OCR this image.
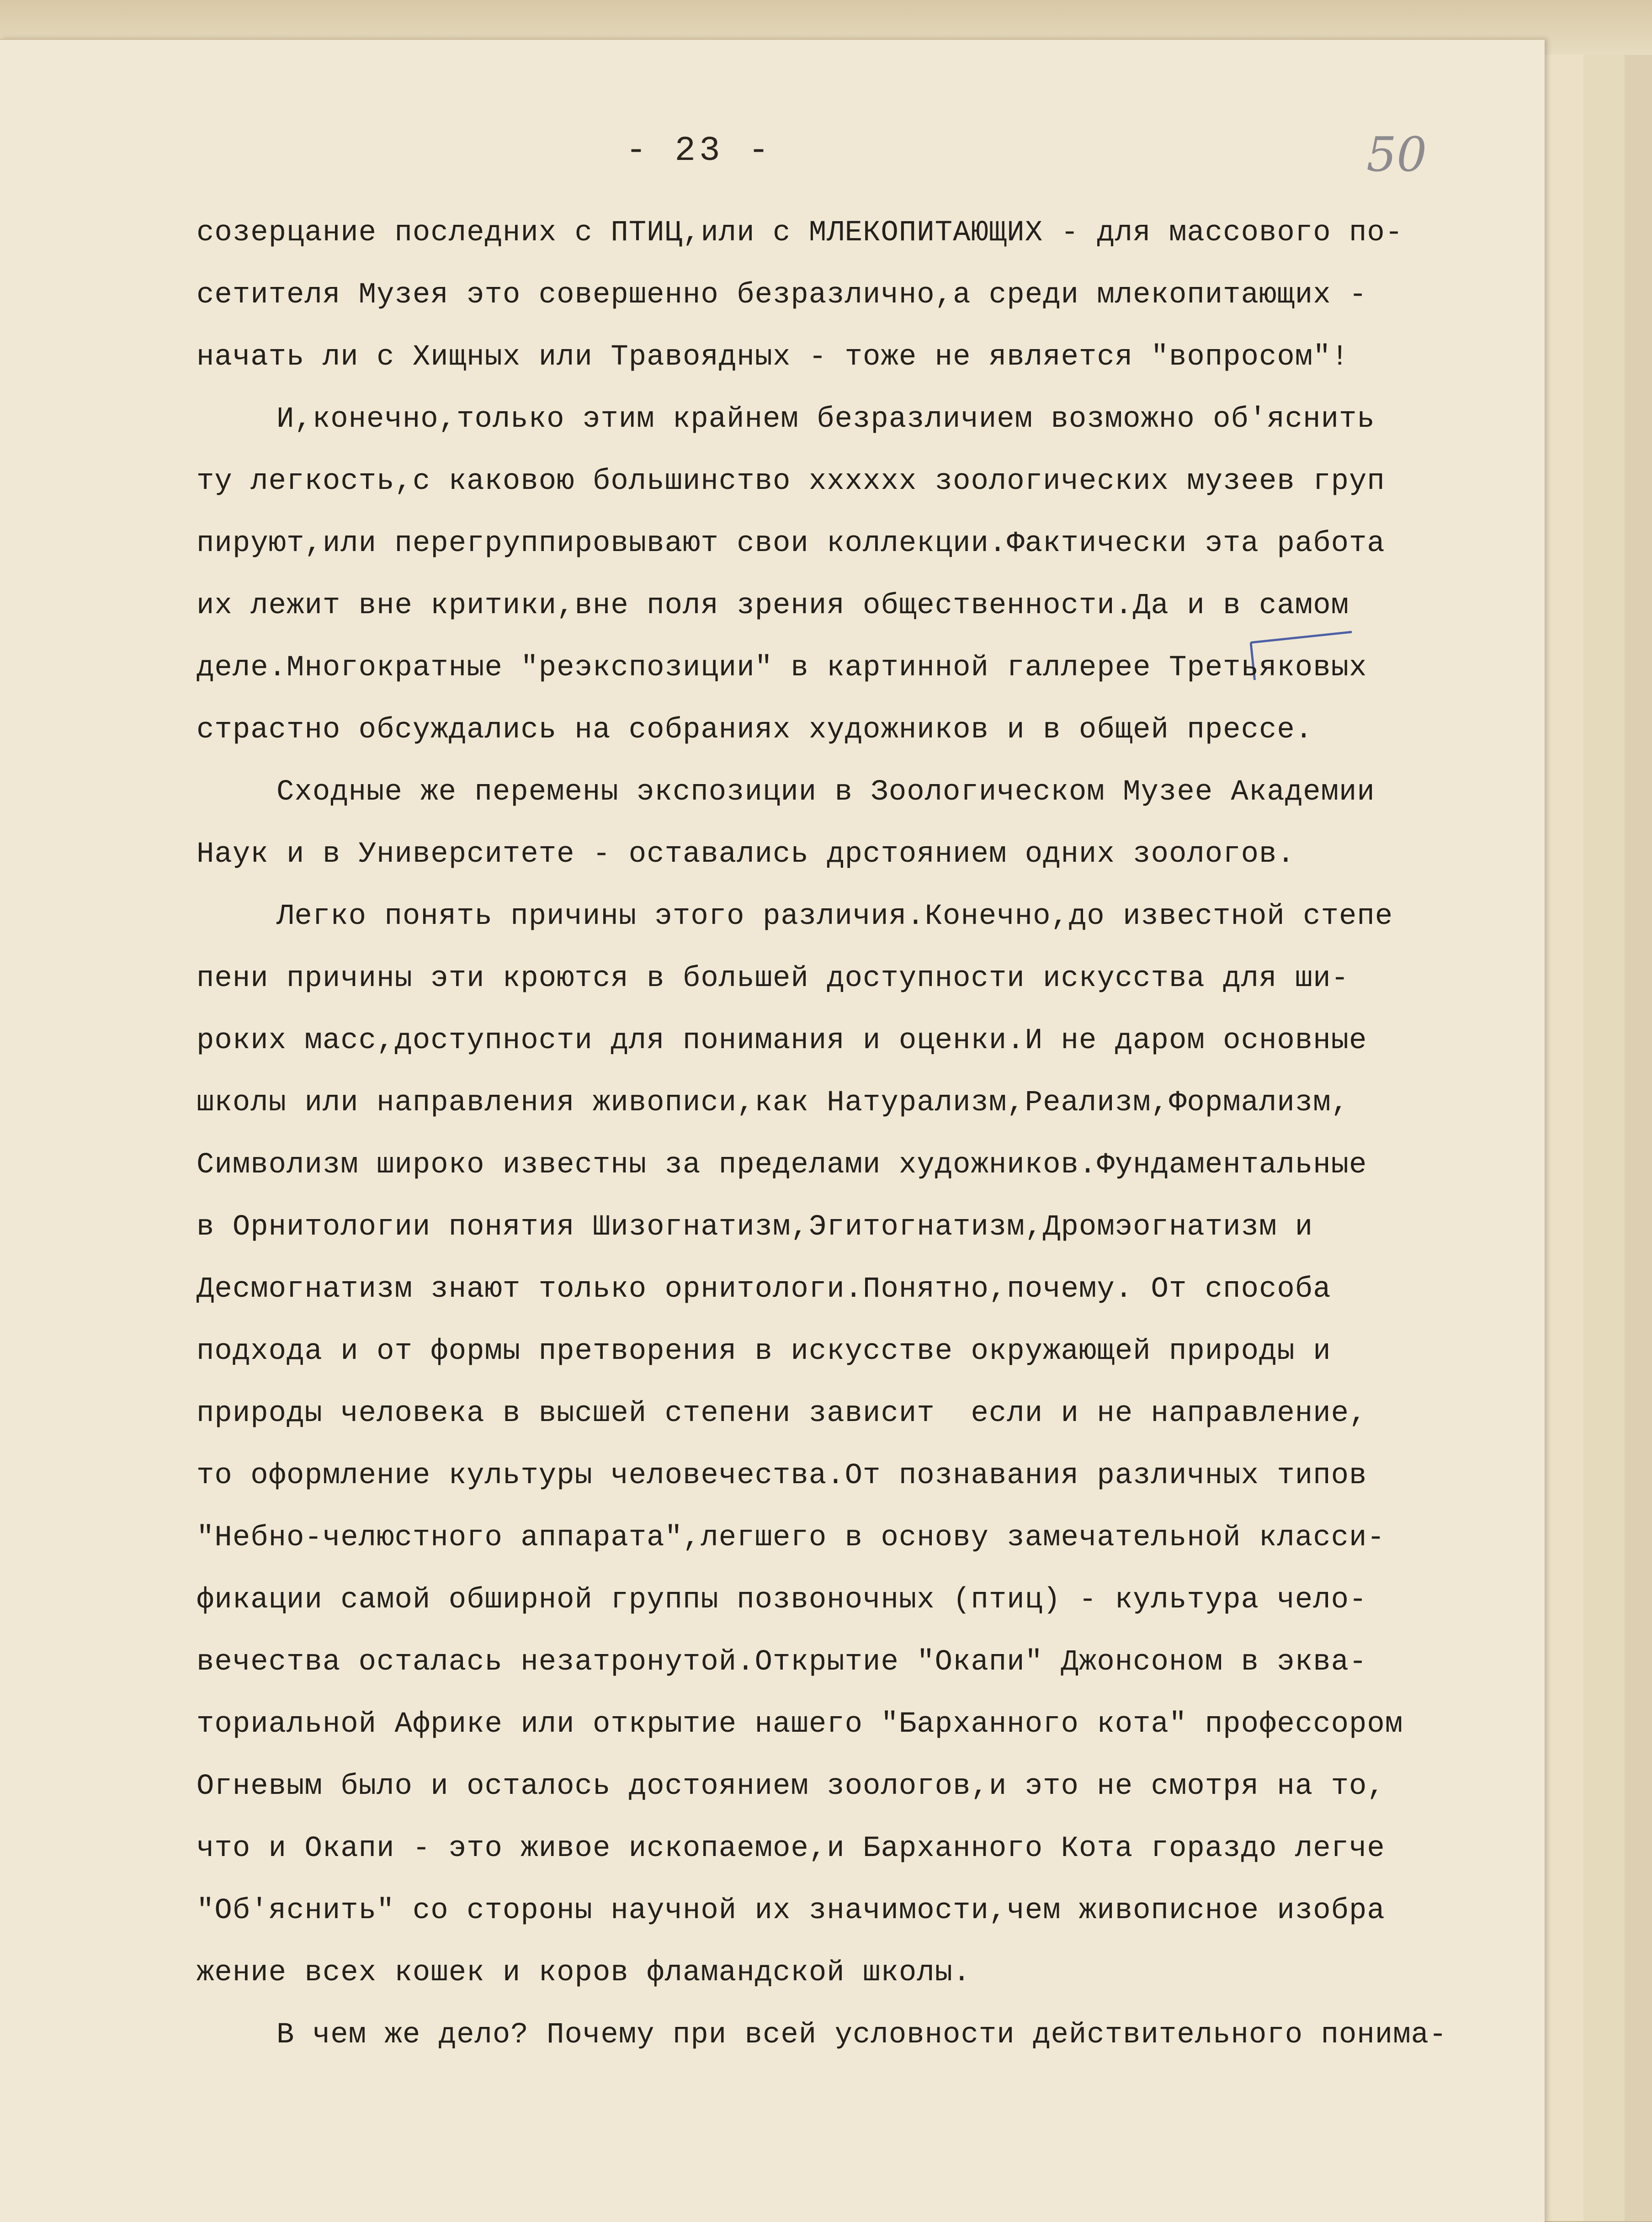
- 23 -	50
созерцание последних с ПТИЦ,или с МЛЕКОПИТАЮЩИХ - для массового по-
сетителя Музея это совершенно безразлично,а среди млекопитающих -
начать ли с Хищных или Травоядных - тоже не является "вопросом"!
И,конечно,только этим крайнем безразличием возможно об'яснить
ту легкость,с каковою большинство хххххх зоологических музеев груп
пируют,или перегруппировывают свои коллекции.Фактически эта работа
их лежит вне критики,вне поля зрения общественности.Да и в самом
деле.Многократные "реэкспозиции" в картинной галлерее Третьяковых
страстно обсуждались на собраниях художников и в общей прессе.
Сходные же перемены экспозиции в Зоологическом Музее Академии
Наук и в Университете - оставались дрстоянием одних зоологов.
Легко понять причины этого различия.Конечно,до известной степе
пени причины эти кроются в большей доступности искусства для ши-
роких масс,доступности для понимания и оценки.И не даром основные
школы или направления живописи,как Натурализм,Реализм,Формализм,
Символизм широко известны за пределами художников.Фундаментальные
в Орнитологии понятия Шизогнатизм,Эгитогнатизм,Дромэогнатизм и
Десмогнатизм знают только орнитологи.Понятно,почему. От способа
подхода и от формы претворения в искусстве окружающей природы и
природы человека в высшей степени зависит  если и не направление,
то оформление культуры человечества.От познавания различных типов
"Небно-челюстного аппарата",легшего в основу замечательной класси-
фикации самой обширной группы позвоночных (птиц) - культура чело-
вечества осталась незатронутой.Открытие "Окапи" Джонсоном в эква-
ториальной Африке или открытие нашего "Барханного кота" профессором
Огневым было и осталось достоянием зоологов,и это не смотря на то,
что и Окапи - это живое ископаемое,и Барханного Кота гораздо легче
"Об'яснить" со стороны научной их значимости,чем живописное изобра
жение всех кошек и коров фламандской школы.
В чем же дело? Почему при всей условности действительного понима-
